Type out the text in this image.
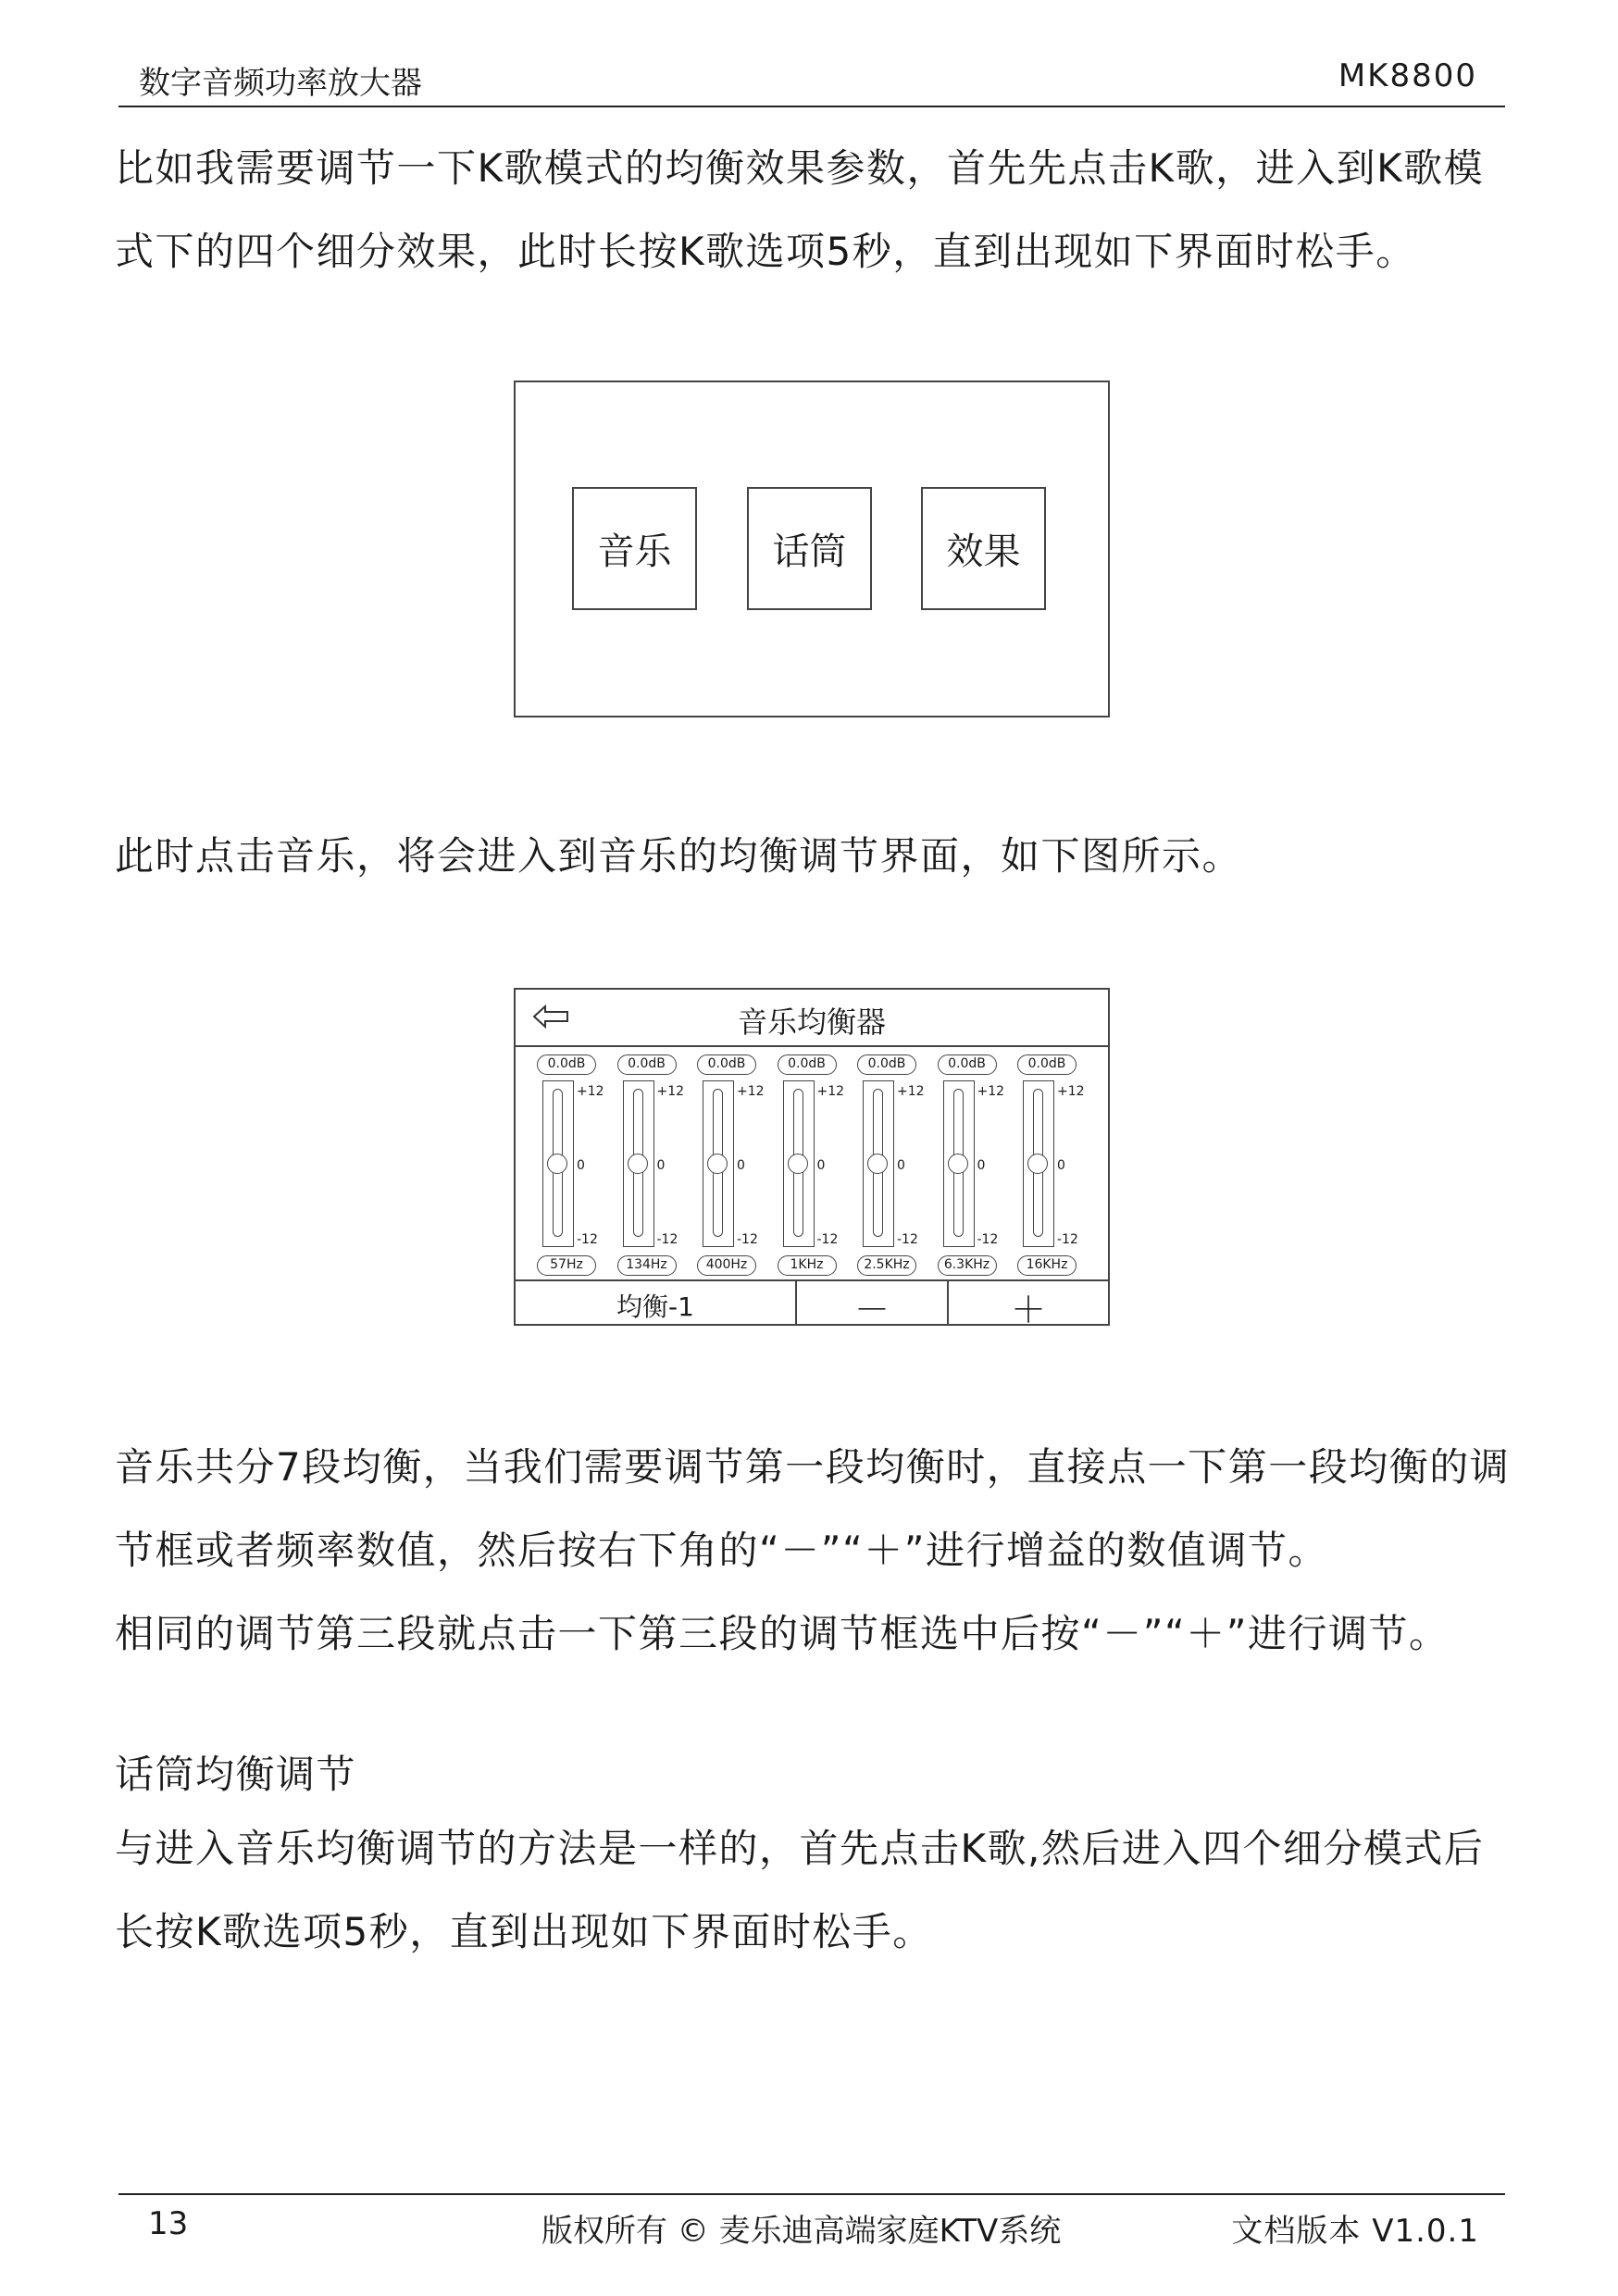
数字音频功率放大器	MK8800
比如我需要调节一下K歌模式的均衡效果参数，首先先点击K歌，进入到K歌模式下的四个细分效果，此时长按K歌选项5秒，直到出现如下界面时松手。
音乐	话筒	效果
此时点击音乐，将会进入到音乐的均衡调节界面，如下图所示。
音乐均衡器
0.0dB
+12
0
-12
57Hz
0.0dB
+12
0
-12
134Hz
0.0dB
+12
0
-12
400Hz
0.0dB
+12
0
-12
1KHz
0.0dB
+12
0
-12
2.5KHz
0.0dB
+12
0
-12
6.3KHz
0.0dB
+12
0
-12
16KHz
均衡-1	－	＋
音乐共分7段均衡，当我们需要调节第一段均衡时，直接点一下第一段均衡的调节框或者频率数值，然后按右下角的“－”“＋”进行增益的数值调节。
相同的调节第三段就点击一下第三段的调节框选中后按“－”“＋”进行调节。
话筒均衡调节
与进入音乐均衡调节的方法是一样的，首先点击K歌,然后进入四个细分模式后长按K歌选项5秒，直到出现如下界面时松手。
13	版权所有 © 麦乐迪高端家庭KTV系统	文档版本 V1.0.1
